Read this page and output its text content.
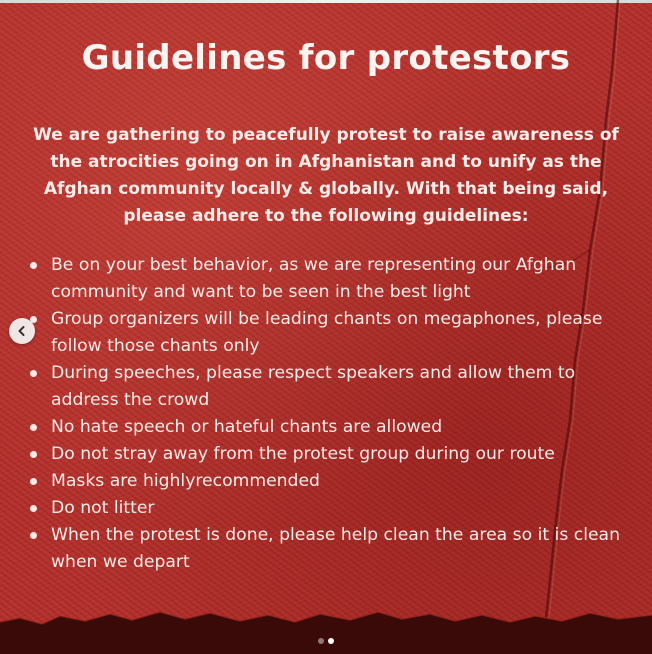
Guidelines for protestors
We are gathering to peacefully protest to raise awareness of the atrocities going on in Afghanistan and to unify as the Afghan community locally & globally. With that being said, please adhere to the following guidelines:
Be on your best behavior, as we are representing our Afghan community and want to be seen in the best light
Group organizers will be leading chants on megaphones, please follow those chants only
During speeches, please respect speakers and allow them to address the crowd
No hate speech or hateful chants are allowed
Do not stray away from the protest group during our route
Masks are highlyrecommended
Do not litter
When the protest is done, please help clean the area so it is clean when we depart
